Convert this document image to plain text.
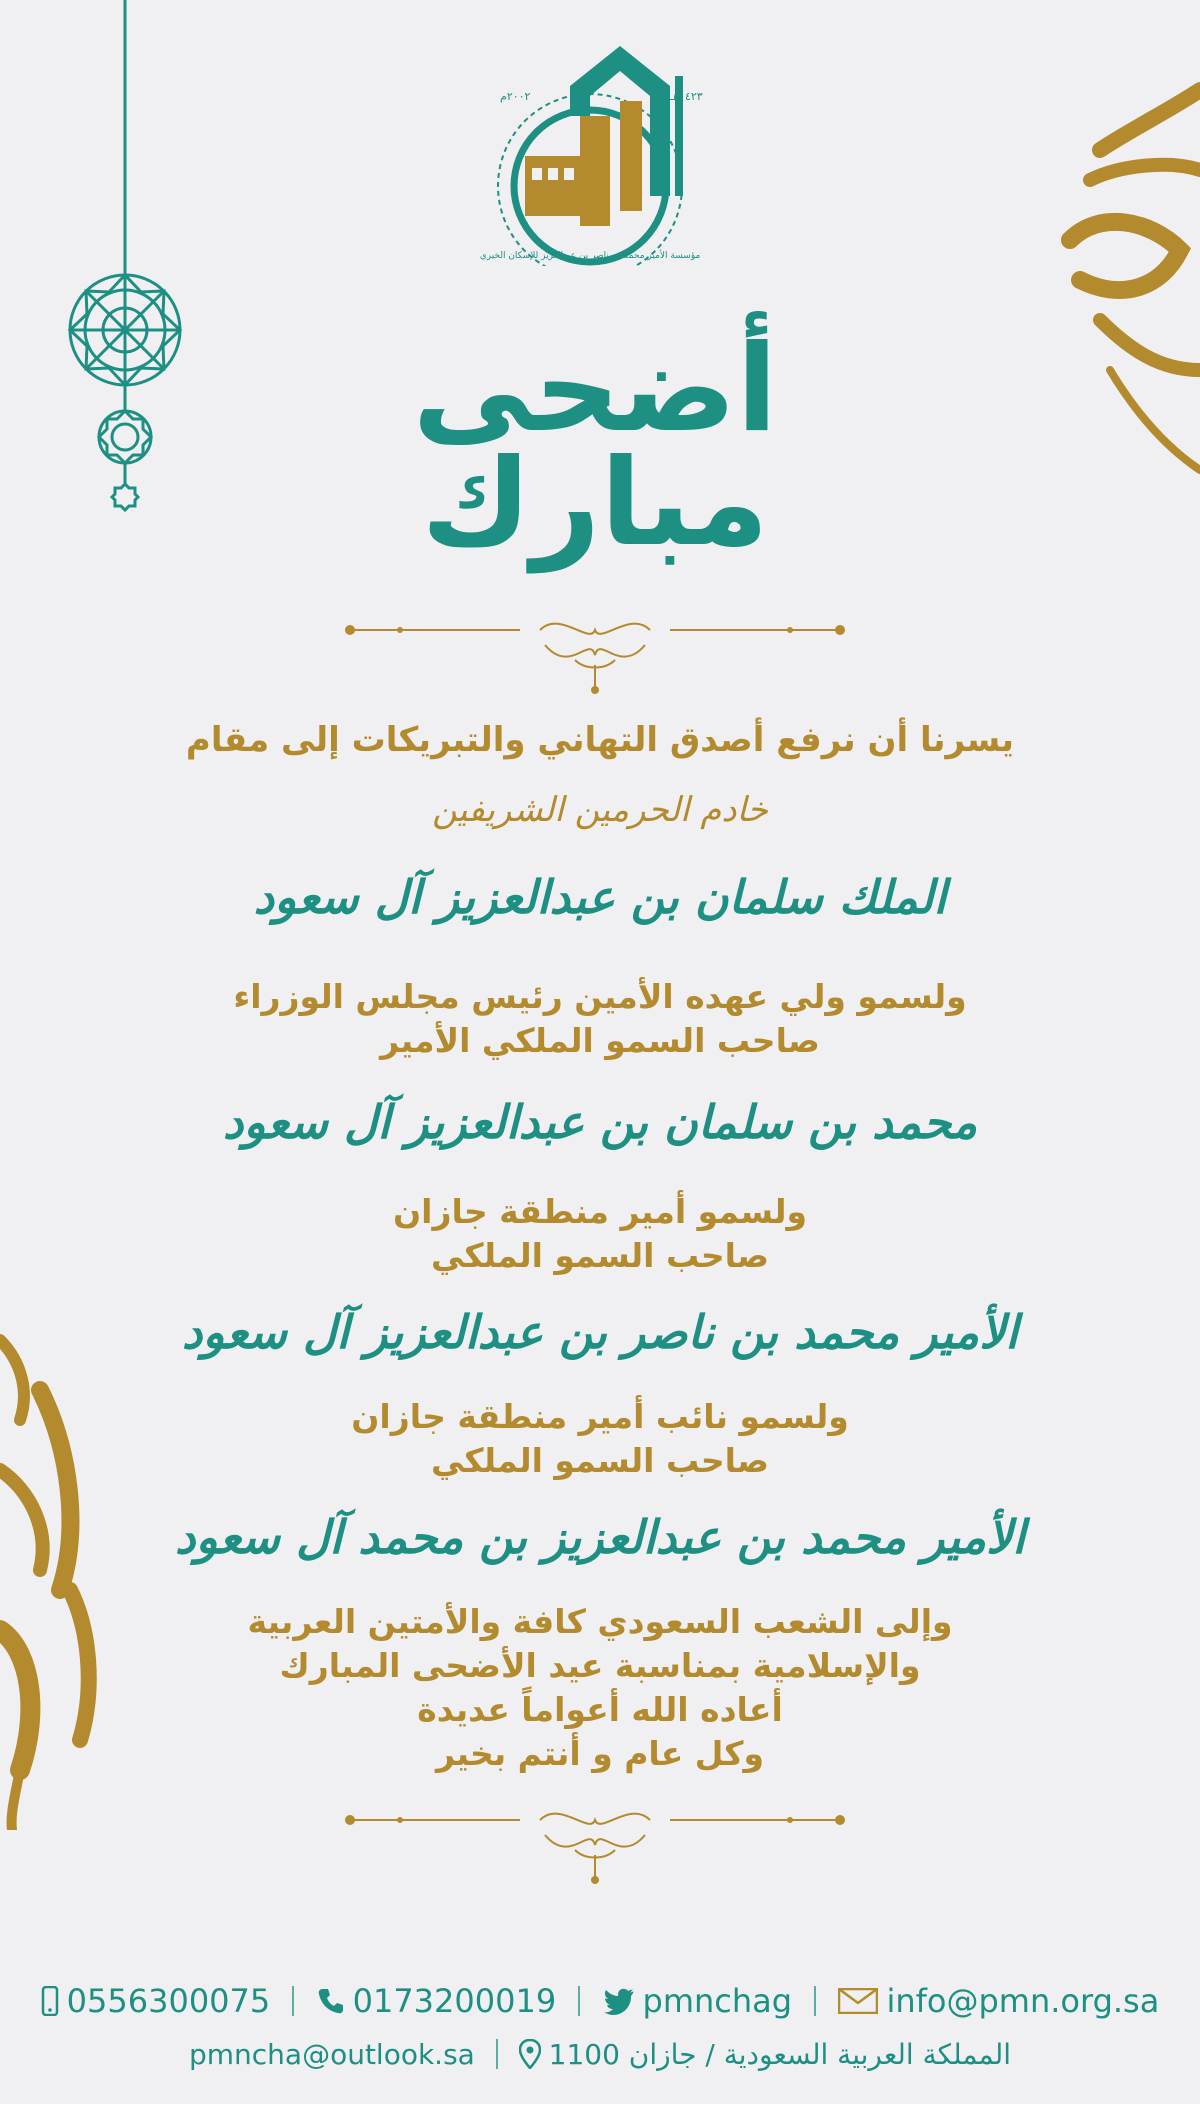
٢٠٠٢م	١٤٢٣هـ
مؤسسة الأمير محمد بن ناصر بن عبدالعزيز للإسكان الخيري
أضحى
مبارك
يسرنا أن نرفع أصدق التهاني والتبريكات إلى مقام
خادم الحرمين الشريفين
الملك سلمان بن عبدالعزيز آل سعود
ولسمو ولي عهده الأمين رئيس مجلس الوزراء
صاحب السمو الملكي الأمير
محمد بن سلمان بن عبدالعزيز آل سعود
ولسمو أمير منطقة جازان
صاحب السمو الملكي
الأمير محمد بن ناصر بن عبدالعزيز آل سعود
ولسمو نائب أمير منطقة جازان
صاحب السمو الملكي
الأمير محمد بن عبدالعزيز بن محمد آل سعود
وإلى الشعب السعودي كافة والأمتين العربية
والإسلامية بمناسبة عيد الأضحى المبارك
أعاده الله أعواماً عديدة
وكل عام و أنتم بخير
0556300075
	0173200019
	pmnchag
	info@pmn.org.sa
pmncha@outlook.sa
	المملكة العربية السعودية / جازان 1100
